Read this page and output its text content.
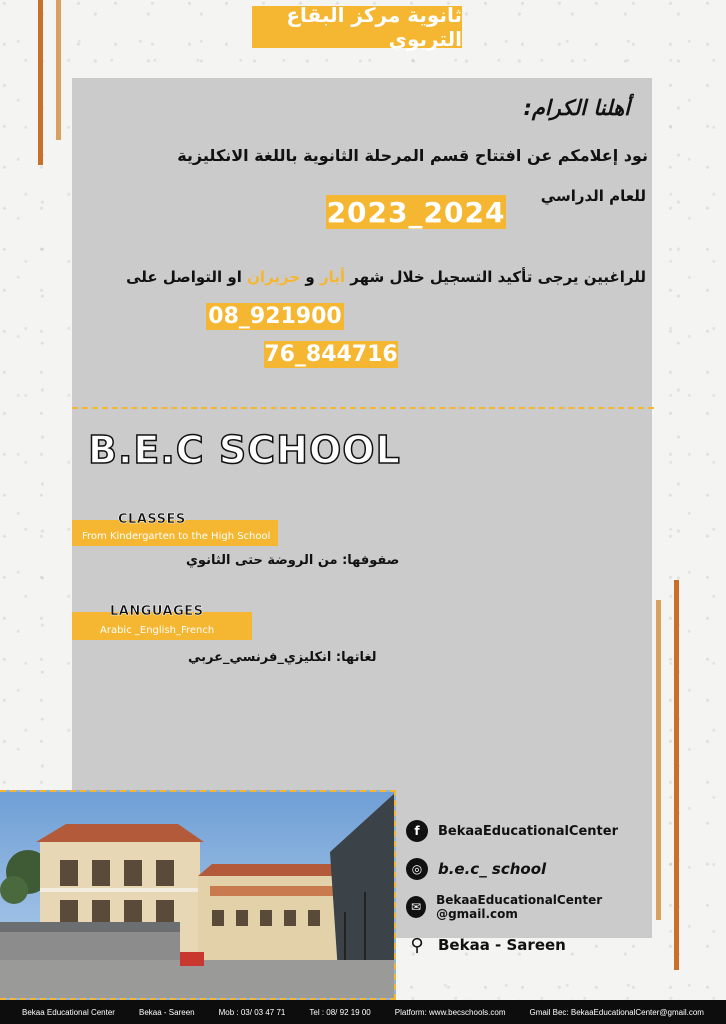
ثانوية مركز البقاع التربوي
أهلنا الكرام:
نود إعلامكم عن افتتاح قسم المرحلة الثانوية باللغة الانكليزية
للعام الدراسي
2023_2024
للراغبين يرجى تأكيد التسجيل خلال شهر أيار و حزيران او التواصل على
08_921900
76_844716
B.E.C SCHOOL
CLASSES
From Kindergarten to the High School
صفوفها: من الروضة حتى الثانوي
LANGUAGES
Arabic _English_French
لغاتها: انكليزي_فرنسي_عربي
f	BekaaEducationalCenter
◎	b.e.c_ school
✉	BekaaEducationalCenter @gmail.com
⚲ Bekaa - Sareen
Bekaa Educational Center	Bekaa - Sareen	Mob : 03/ 03 47 71	Tel : 08/ 92 19 00	Platform: www.becschools.com	Gmail Bec: BekaaEducationalCenter@gmail.com
